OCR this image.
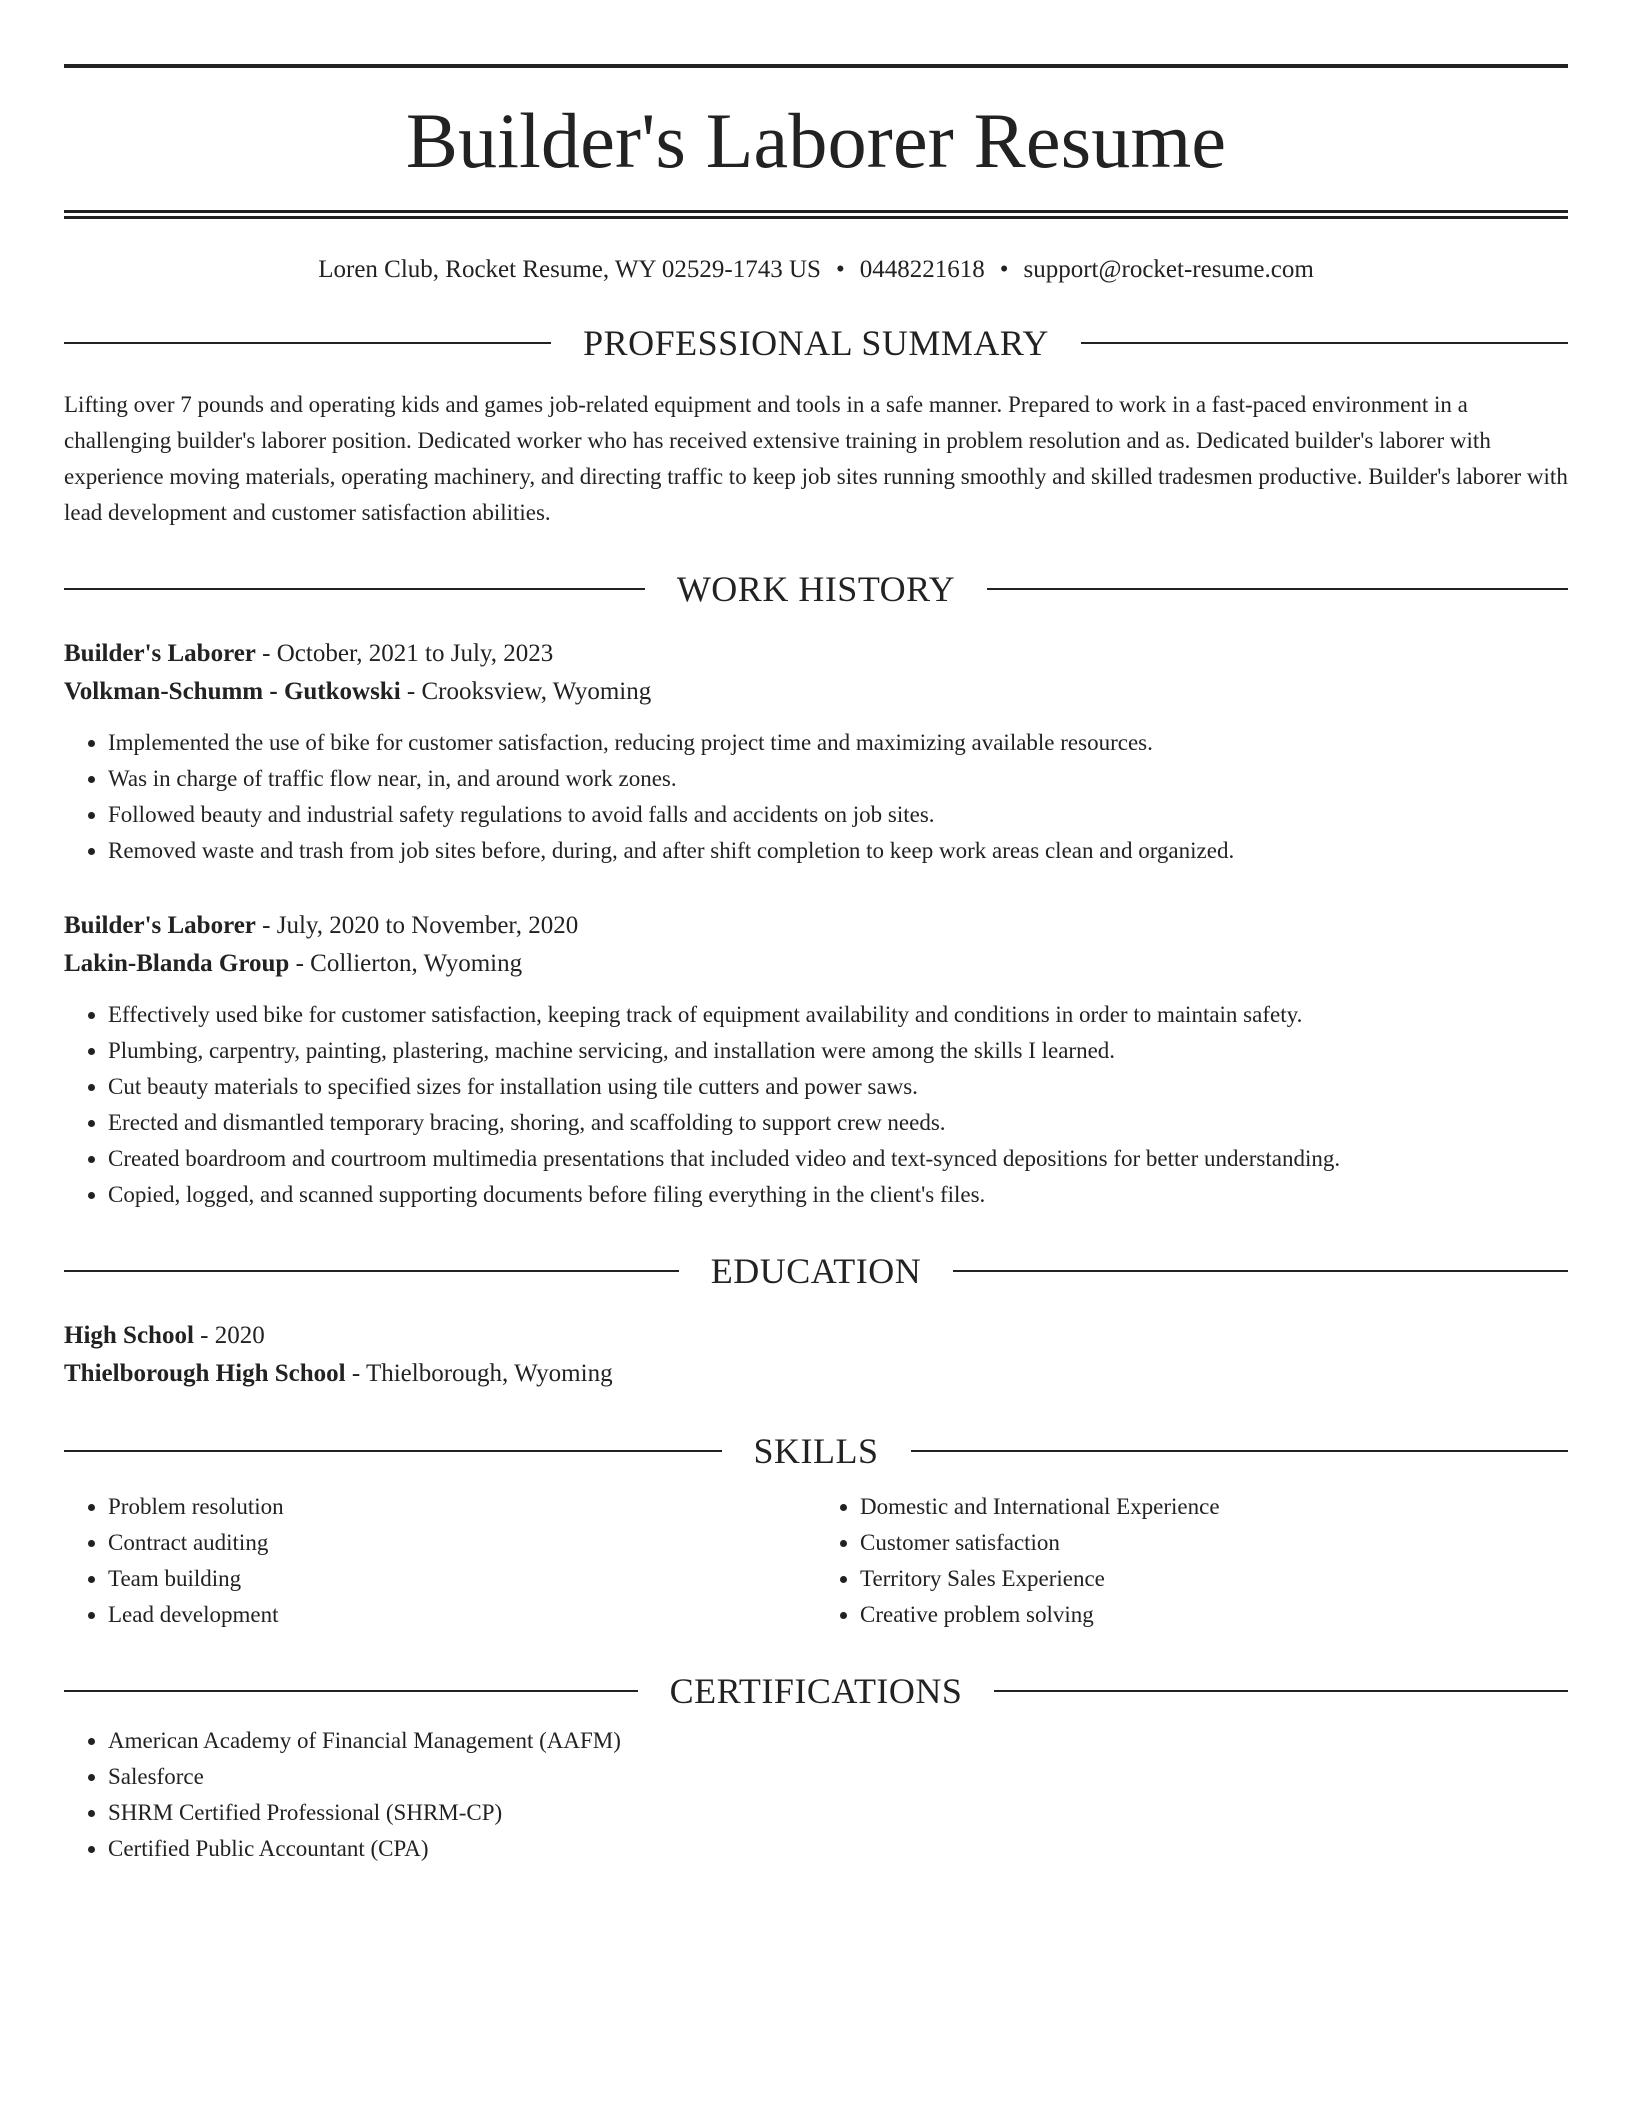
Builder's Laborer Resume
Loren Club, Rocket Resume, WY 02529-1743 US • 0448221618 • support@rocket-resume.com
PROFESSIONAL SUMMARY
Lifting over 7 pounds and operating kids and games job-related equipment and tools in a safe manner. Prepared to work in a fast-paced environment in a challenging builder's laborer position. Dedicated worker who has received extensive training in problem resolution and as. Dedicated builder's laborer with experience moving materials, operating machinery, and directing traffic to keep job sites running smoothly and skilled tradesmen productive. Builder's laborer with lead development and customer satisfaction abilities.
WORK HISTORY
Builder's Laborer - October, 2021 to July, 2023
Volkman-Schumm - Gutkowski - Crooksview, Wyoming
• Implemented the use of bike for customer satisfaction, reducing project time and maximizing available resources.
• Was in charge of traffic flow near, in, and around work zones.
• Followed beauty and industrial safety regulations to avoid falls and accidents on job sites.
• Removed waste and trash from job sites before, during, and after shift completion to keep work areas clean and organized.
Builder's Laborer - July, 2020 to November, 2020
Lakin-Blanda Group - Collierton, Wyoming
• Effectively used bike for customer satisfaction, keeping track of equipment availability and conditions in order to maintain safety.
• Plumbing, carpentry, painting, plastering, machine servicing, and installation were among the skills I learned.
• Cut beauty materials to specified sizes for installation using tile cutters and power saws.
• Erected and dismantled temporary bracing, shoring, and scaffolding to support crew needs.
• Created boardroom and courtroom multimedia presentations that included video and text-synced depositions for better understanding.
• Copied, logged, and scanned supporting documents before filing everything in the client's files.
EDUCATION
High School - 2020
Thielborough High School - Thielborough, Wyoming
SKILLS
• Problem resolution
• Contract auditing
• Team building
• Lead development
• Domestic and International Experience
• Customer satisfaction
• Territory Sales Experience
• Creative problem solving
CERTIFICATIONS
• American Academy of Financial Management (AAFM)
• Salesforce
• SHRM Certified Professional (SHRM-CP)
• Certified Public Accountant (CPA)
